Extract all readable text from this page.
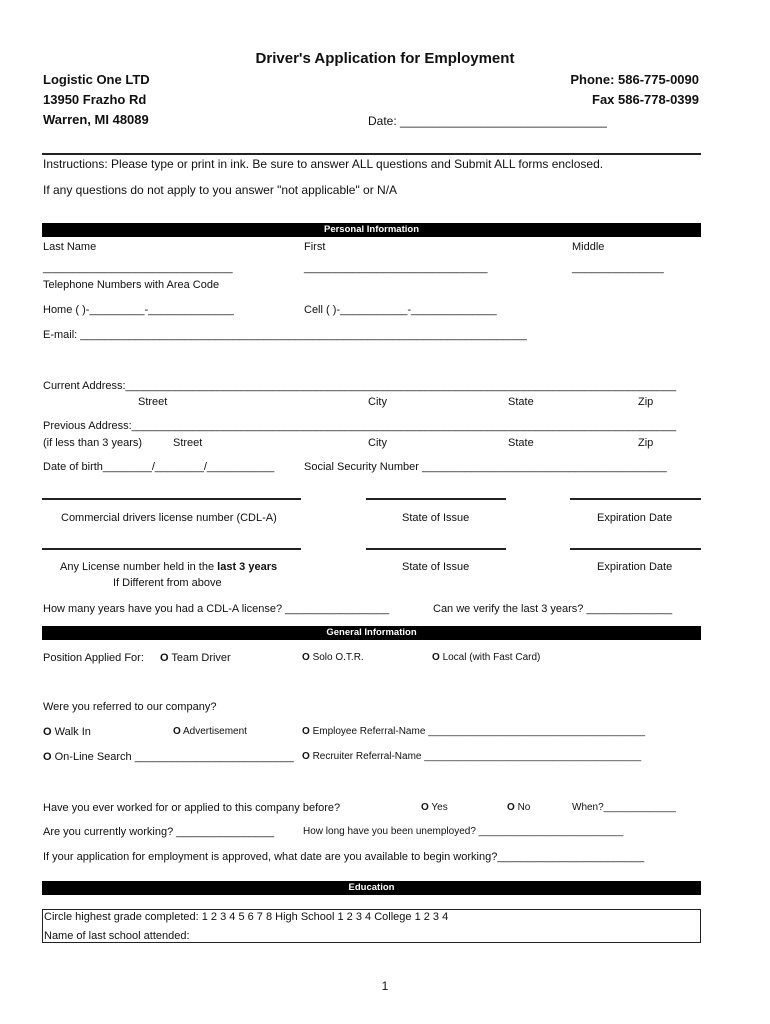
Driver's Application for Employment
Logistic One LTD
13950 Frazho Rd
Warren, MI 48089
Phone: 586-775-0090
Fax 586-778-0399
Date: _______________________________
Instructions: Please type or print in ink. Be sure to answer ALL questions and Submit ALL forms enclosed.
If any questions do not apply to you answer "not applicable" or N/A
Personal Information
Last Name	First	Middle
_______________________________	______________________________	_______________
Telephone Numbers with Area Code
Home ( )-_________-______________	Cell ( )-___________-______________
E-mail: _________________________________________________________________________
Current Address:__________________________________________________________________________________________
Street	City	State	Zip
Previous Address:_________________________________________________________________________________________
(if less than 3 years)	Street	City	State	Zip
Date of birth________/________/___________	Social Security Number ________________________________________
Commercial drivers license number (CDL-A)	State of Issue	Expiration Date
Any License number held in the last 3 years
If Different from above
State of Issue	Expiration Date
How many years have you had a CDL-A license? _________________	Can we verify the last 3 years? ______________
General Information
Position Applied For: O Team Driver	O Solo O.T.R.	O Local (with Fast Card)
Were you referred to our company?
O Walk In	O Advertisement	O Employee Referral-Name _______________________________________
O On-Line Search __________________________ O Recruiter Referral-Name _______________________________________
Have you ever worked for or applied to this company before?	O Yes	O No	When?_____________
Are you currently working? ________________	How long have you been unemployed? __________________________
If your application for employment is approved, what date are you available to begin working?________________________
Education
Circle highest grade completed: 1 2 3 4 5 6 7 8 High School 1 2 3 4 College 1 2 3 4
Name of last school attended:
1
